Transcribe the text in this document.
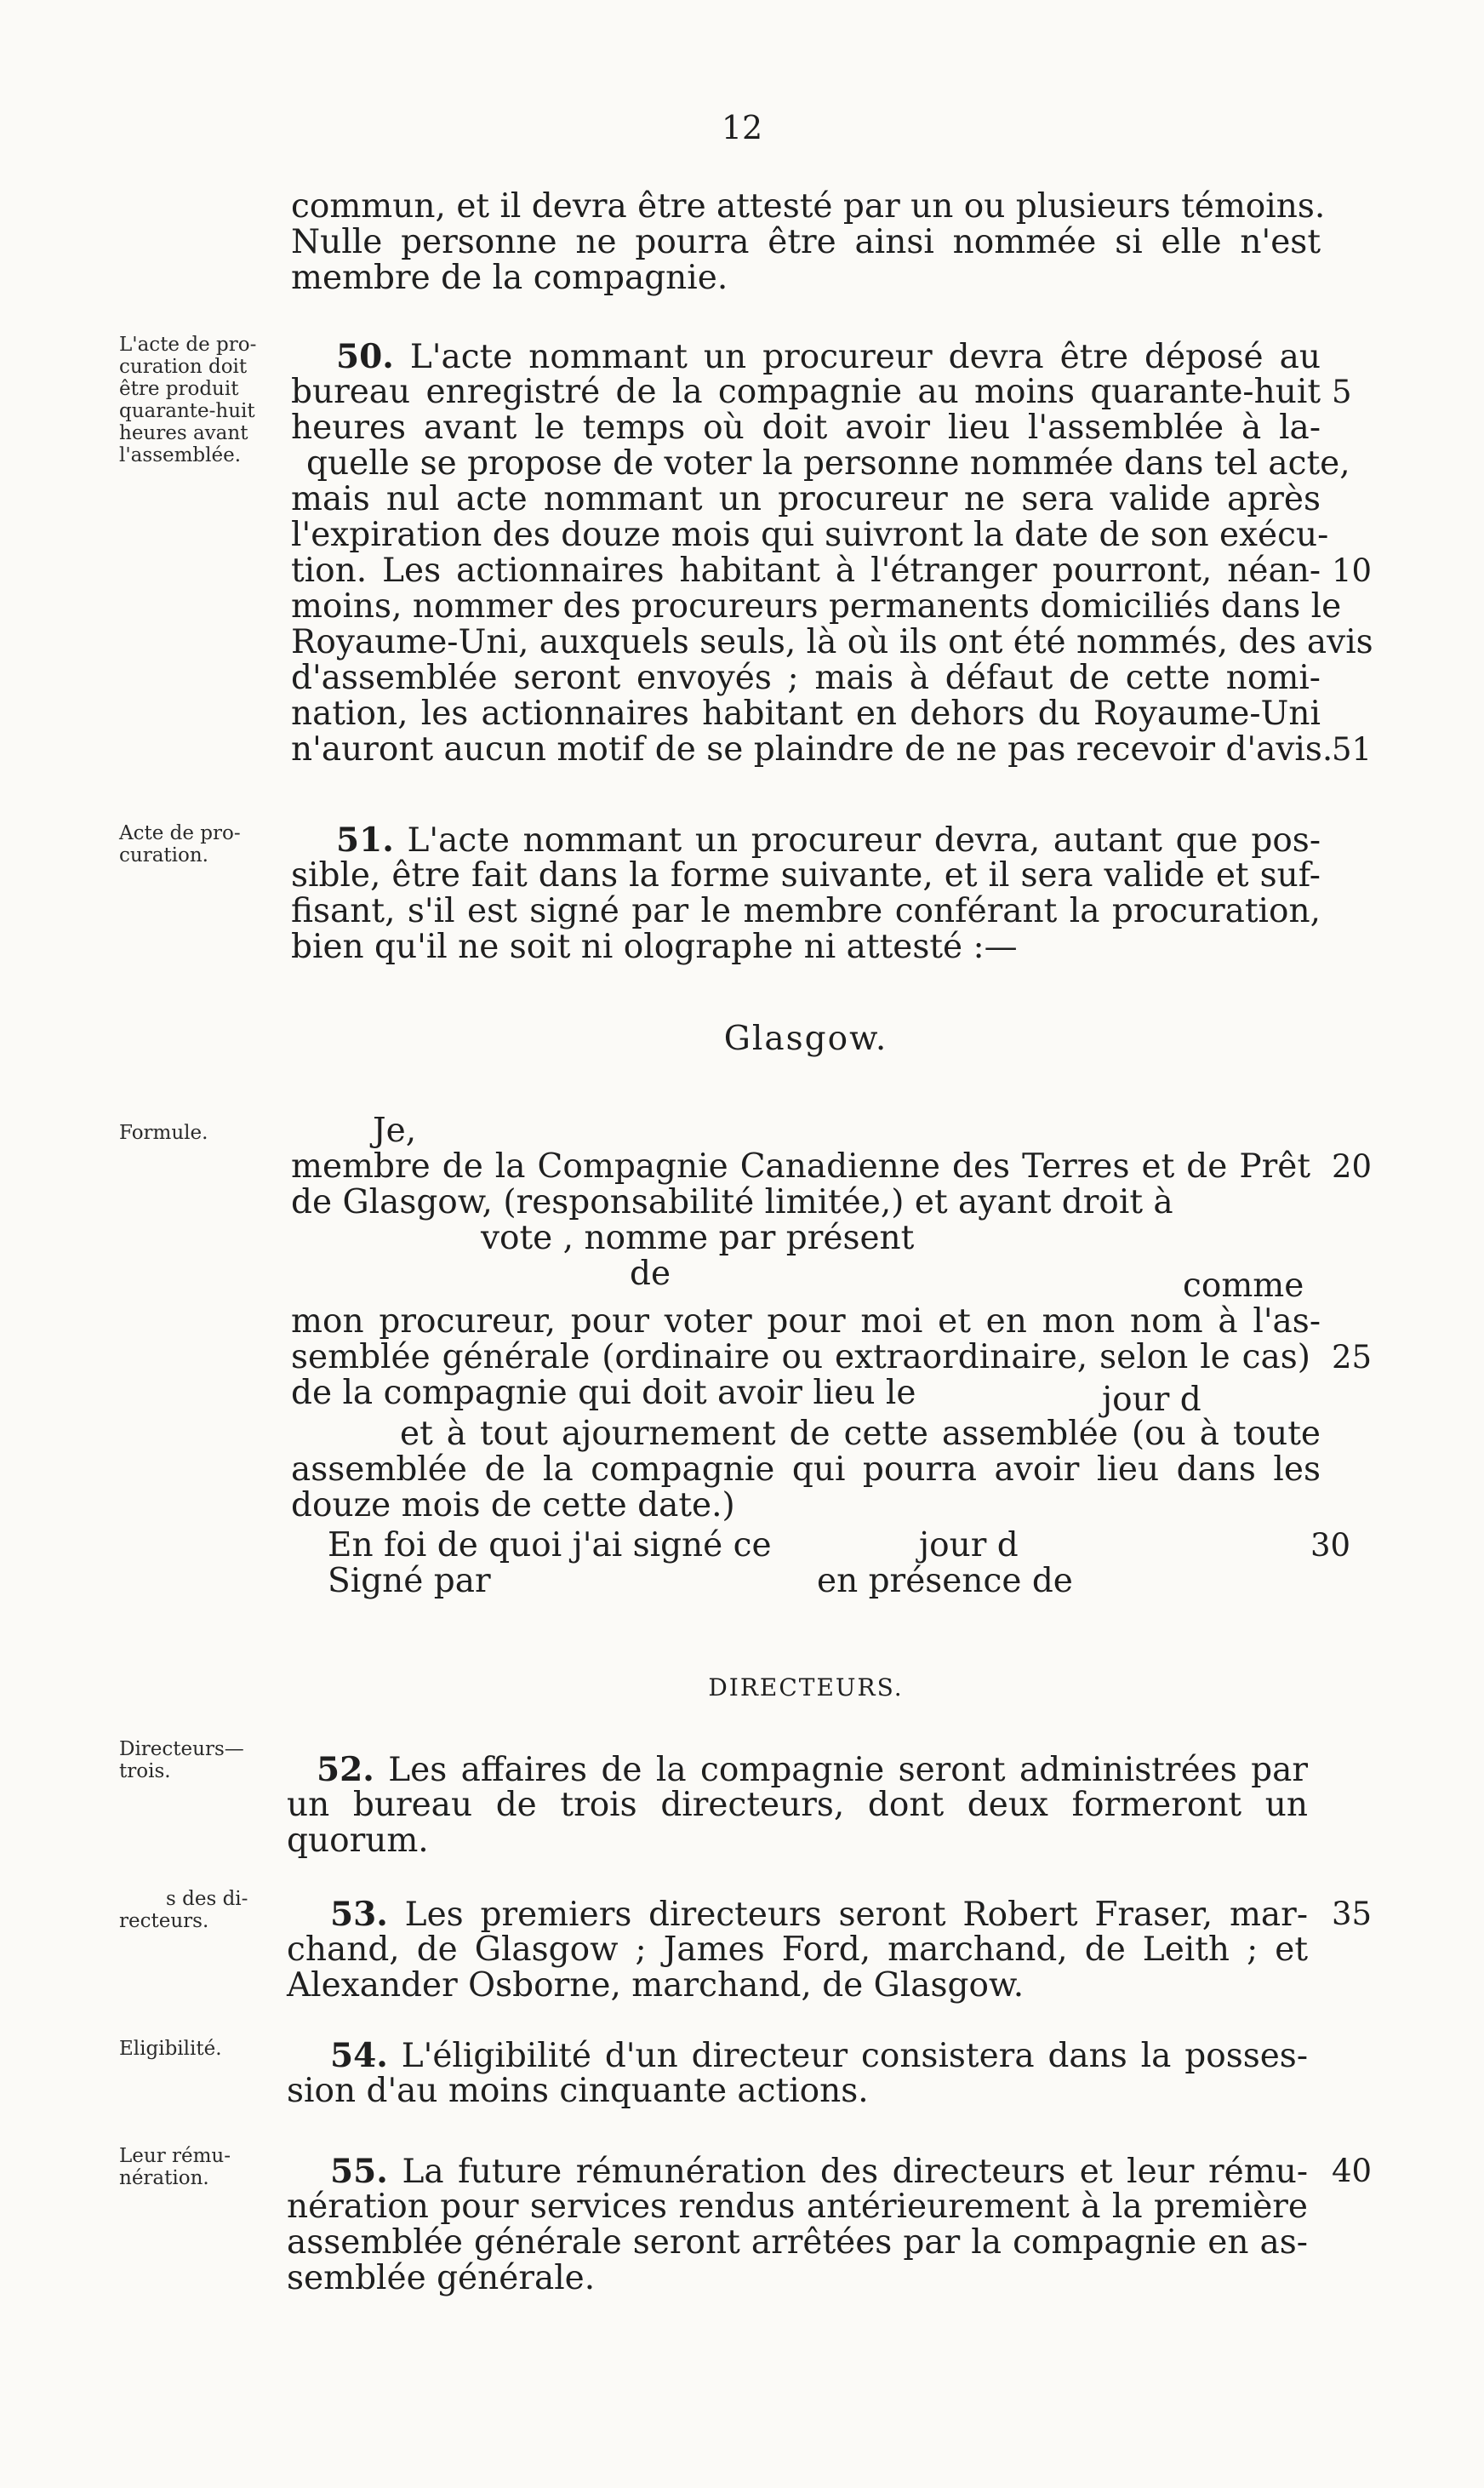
12
commun, et il devra être attesté par un ou plusieurs témoins.
Nulle personne ne pourra être ainsi nommée si elle n'est
membre de la compagnie.
L'acte de pro-
curation doit
être produit
quarante-huit
heures avant
l'assemblée.
50. L'acte nommant un procureur devra être déposé au
bureau enregistré de la compagnie au moins quarante-huit 5
heures avant le temps où doit avoir lieu l'assemblée à la-
quelle se propose de voter la personne nommée dans tel acte,
mais nul acte nommant un procureur ne sera valide après
l'expiration des douze mois qui suivront la date de son exécu-
tion. Les actionnaires habitant à l'étranger pourront, néan- 10
moins, nommer des procureurs permanents domiciliés dans le
Royaume-Uni, auxquels seuls, là où ils ont été nommés, des avis
d'assemblée seront envoyés ; mais à défaut de cette nomi-
nation, les actionnaires habitant en dehors du Royaume-Uni
n'auront aucun motif de se plaindre de ne pas recevoir d'avis.
51
Acte de pro-
curation.	51. L'acte nommant un procureur devra, autant que pos-
sible, être fait dans la forme suivante, et il sera valide et suf-
fisant, s'il est signé par le membre conférant la procuration,
bien qu'il ne soit ni olographe ni attesté :—
Glasgow.
Formule.	Je,
membre de la Compagnie Canadienne des Terres et de Prêt 20
de Glasgow, (responsabilité limitée,) et ayant droit à
vote , nomme par présent
de	comme
mon procureur, pour voter pour moi et en mon nom à l'as-
semblée générale (ordinaire ou extraordinaire, selon le cas) 25
de la compagnie qui doit avoir lieu le	jour d
et à tout ajournement de cette assemblée (ou à toute
assemblée de la compagnie qui pourra avoir lieu dans les
douze mois de cette date.)
En foi de quoi j'ai signé ce	jour d	30
Signé par	en présence de
DIRECTEURS.
Directeurs—
trois.	52. Les affaires de la compagnie seront administrées par
un bureau de trois directeurs, dont deux formeront un
quorum.
s des di-
recteurs.	53. Les premiers directeurs seront Robert Fraser, mar- 35
chand, de Glasgow ; James Ford, marchand, de Leith ; et
Alexander Osborne, marchand, de Glasgow.
Eligibilité.	54. L'éligibilité d'un directeur consistera dans la posses-
sion d'au moins cinquante actions.
Leur rému-
nération.	55. La future rémunération des directeurs et leur rému- 40
nération pour services rendus antérieurement à la première
assemblée générale seront arrêtées par la compagnie en as-
semblée générale.
